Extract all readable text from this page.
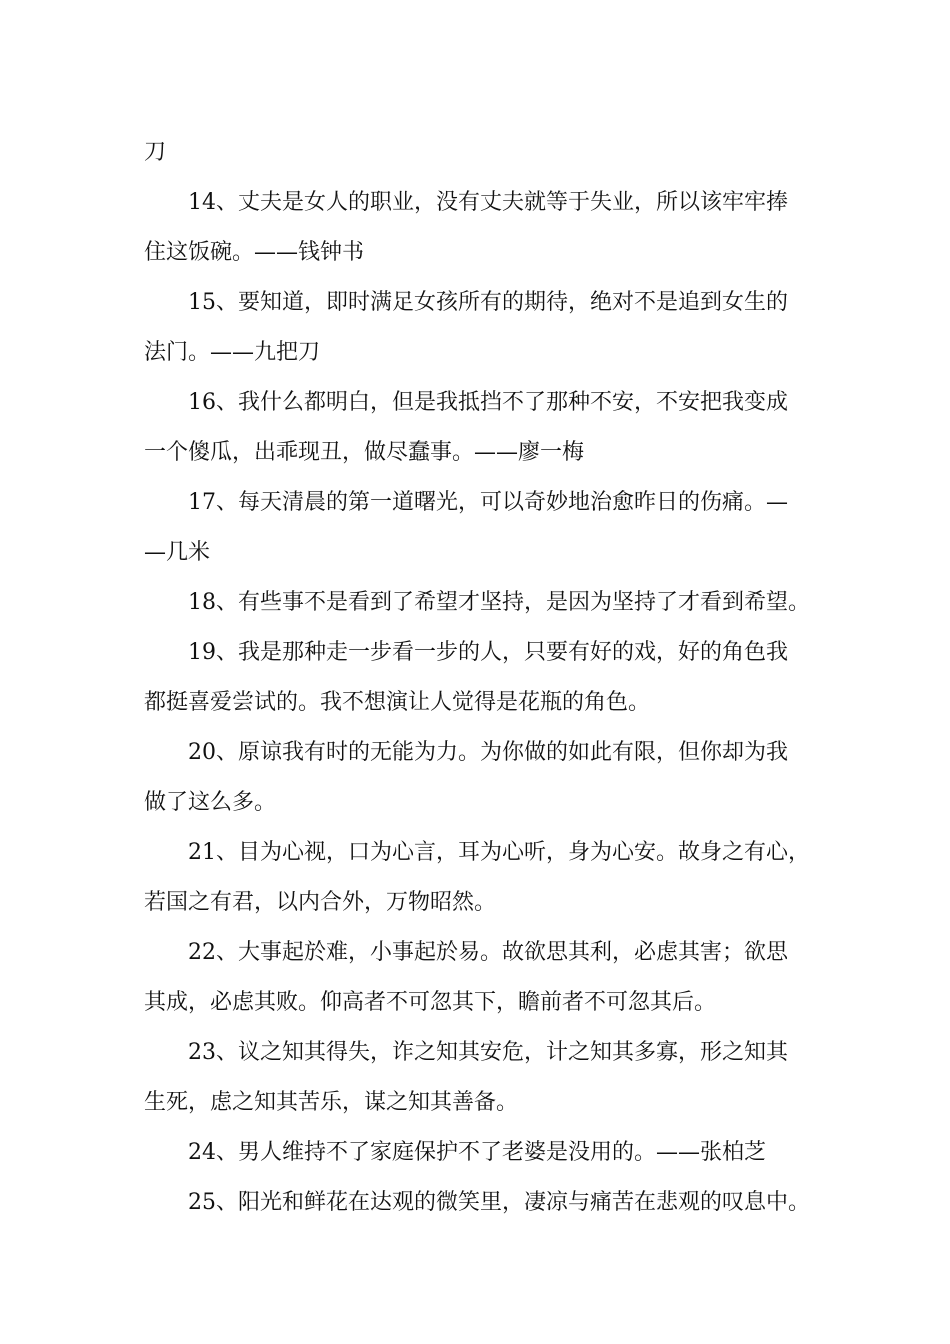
刀

14、丈夫是女人的职业，没有丈夫就等于失业，所以该牢牢捧
住这饭碗。——钱钟书

15、要知道，即时满足女孩所有的期待，绝对不是追到女生的
法门。——九把刀

16、我什么都明白，但是我抵挡不了那种不安，不安把我变成
一个傻瓜，出乖现丑，做尽蠢事。——廖一梅

17、每天清晨的第一道曙光，可以奇妙地治愈昨日的伤痛。—
—几米

18、有些事不是看到了希望才坚持，是因为坚持了才看到希望。

19、我是那种走一步看一步的人，只要有好的戏，好的角色我
都挺喜爱尝试的。我不想演让人觉得是花瓶的角色。

20、原谅我有时的无能为力。为你做的如此有限，但你却为我
做了这么多。

21、目为心视，口为心言，耳为心听，身为心安。故身之有心，
若国之有君，以内合外，万物昭然。

22、大事起於难，小事起於易。故欲思其利，必虑其害；欲思
其成，必虑其败。仰高者不可忽其下，瞻前者不可忽其后。

23、议之知其得失，诈之知其安危，计之知其多寡，形之知其
生死，虑之知其苦乐，谋之知其善备。

24、男人维持不了家庭保护不了老婆是没用的。——张柏芝

25、阳光和鲜花在达观的微笑里，凄凉与痛苦在悲观的叹息中。
